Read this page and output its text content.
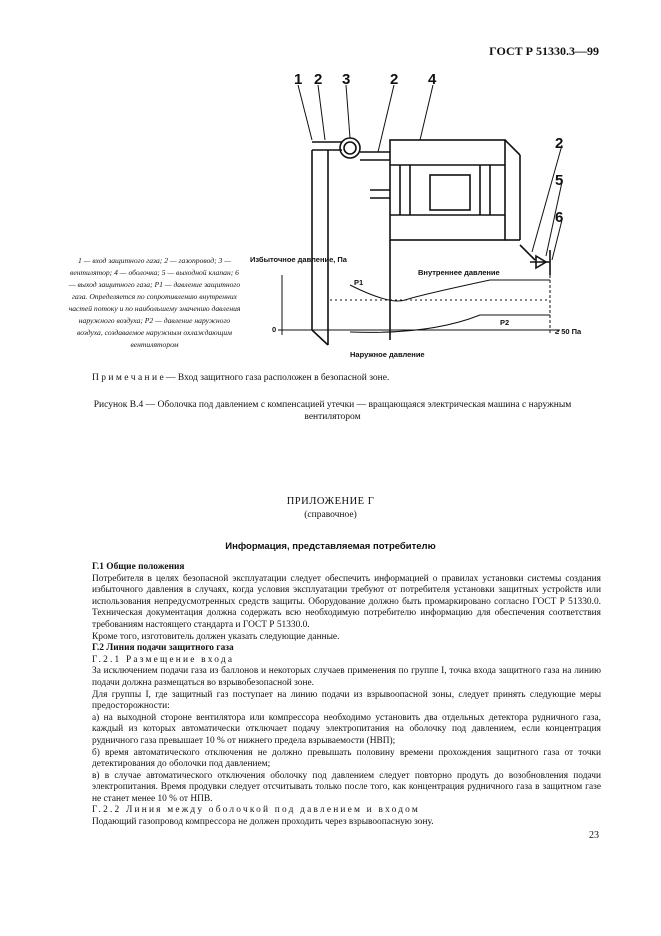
ГОСТ Р 51330.3—99
1 2 3	2 4
2
5
6
Избыточное давление, Па
Внутреннее давление
P1
P2
0	≥ 50 Па
Наружное давление
1 — вход защитного газа; 2 — газопровод; 3 — вентилятор; 4 — оболочка; 5 — выходной клапан; 6 — выход защитного газа; P1 — давление защитного газа. Определяется по сопротивлению внутренних частей потоку и по наибольшему значению давления наружного воздуха; P2 — давление наружного воздуха, создаваемое наружным охлаждающим вентилятором
П р и м е ч а н и е — Вход защитного газа расположен в безопасной зоне.
Рисунок В.4 — Оболочка под давлением с компенсацией утечки — вращающаяся электрическая машина с наружным вентилятором
ПРИЛОЖЕНИЕ Г
(справочное)
Информация, представляемая потребителю

Г.1 Общие положения

Потребителя в целях безопасной эксплуатации следует обеспечить информацией о правилах установки системы создания избыточного давления в случаях, когда условия эксплуатации требуют от потребителя установки защитных устройств или использования непредусмотренных средств защиты. Оборудование должно быть промаркировано согласно ГОСТ Р 51330.0. Техническая документация должна содержать всю необходимую потребителю информацию для обеспечения соответствия требованиям настоящего стандарта и ГОСТ Р 51330.0.

Кроме того, изготовитель должен указать следующие данные.

Г.2 Линия подачи защитного газа

Г.2.1 Размещение входа

За исключением подачи газа из баллонов и некоторых случаев применения по группе I, точка входа защитного газа на линию подачи должна размещаться во взрывобезопасной зоне.

Для группы I, где защитный газ поступает на линию подачи из взрывоопасной зоны, следует принять следующие меры предосторожности:

а) на выходной стороне вентилятора или компрессора необходимо установить два отдельных детектора рудничного газа, каждый из которых автоматически отключает подачу электропитания на оболочку под давлением, если концентрация рудничного газа превышает 10 % от нижнего предела взрываемости (НВП);

б) время автоматического отключения не должно превышать половину времени прохождения защитного газа от точки детектирования до оболочки под давлением;

в) в случае автоматического отключения оболочку под давлением следует повторно продуть до возобновления подачи электропитания. Время продувки следует отсчитывать только после того, как концентрация рудничного газа в защитном газе не станет менее 10 % от НПВ.

Г.2.2 Линия между оболочкой под давлением и входом

Подающий газопровод компрессора не должен проходить через взрывоопасную зону.

23
